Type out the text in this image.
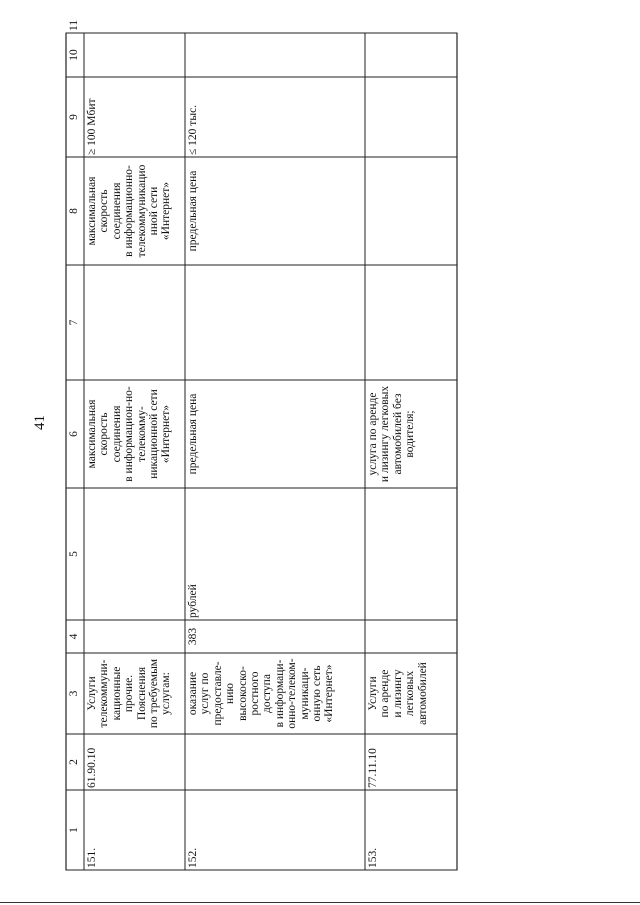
41
1
2
3
4
5
6
7
8
9
10
11
151.
61.90.10
Услуги
телекоммуни-
кационные
прочие.
Пояснения
по требуемым
услугам:
максимальная
скорость
соединения
в информацион-но-
телекомму-
никационной сети
«Интернет»
максимальная
скорость
соединения
в информационно-
телекоммуникацио
нной сети
«Интернет»
≥ 100 Мбит
152.
оказание
услуг по
предоставле-
нию
высокоско-
ростного
доступа
в информаци-
онно-телеком-
муникаци-
онную сеть
«Интернет»
383
рублей
предельная цена
предельная цена
≤ 120 тыс.
153.
77.11.10
Услуги
по аренде
и лизингу
легковых
автомобилей
услуга по аренде
и лизингу легковых
автомобилей без
водителя;
